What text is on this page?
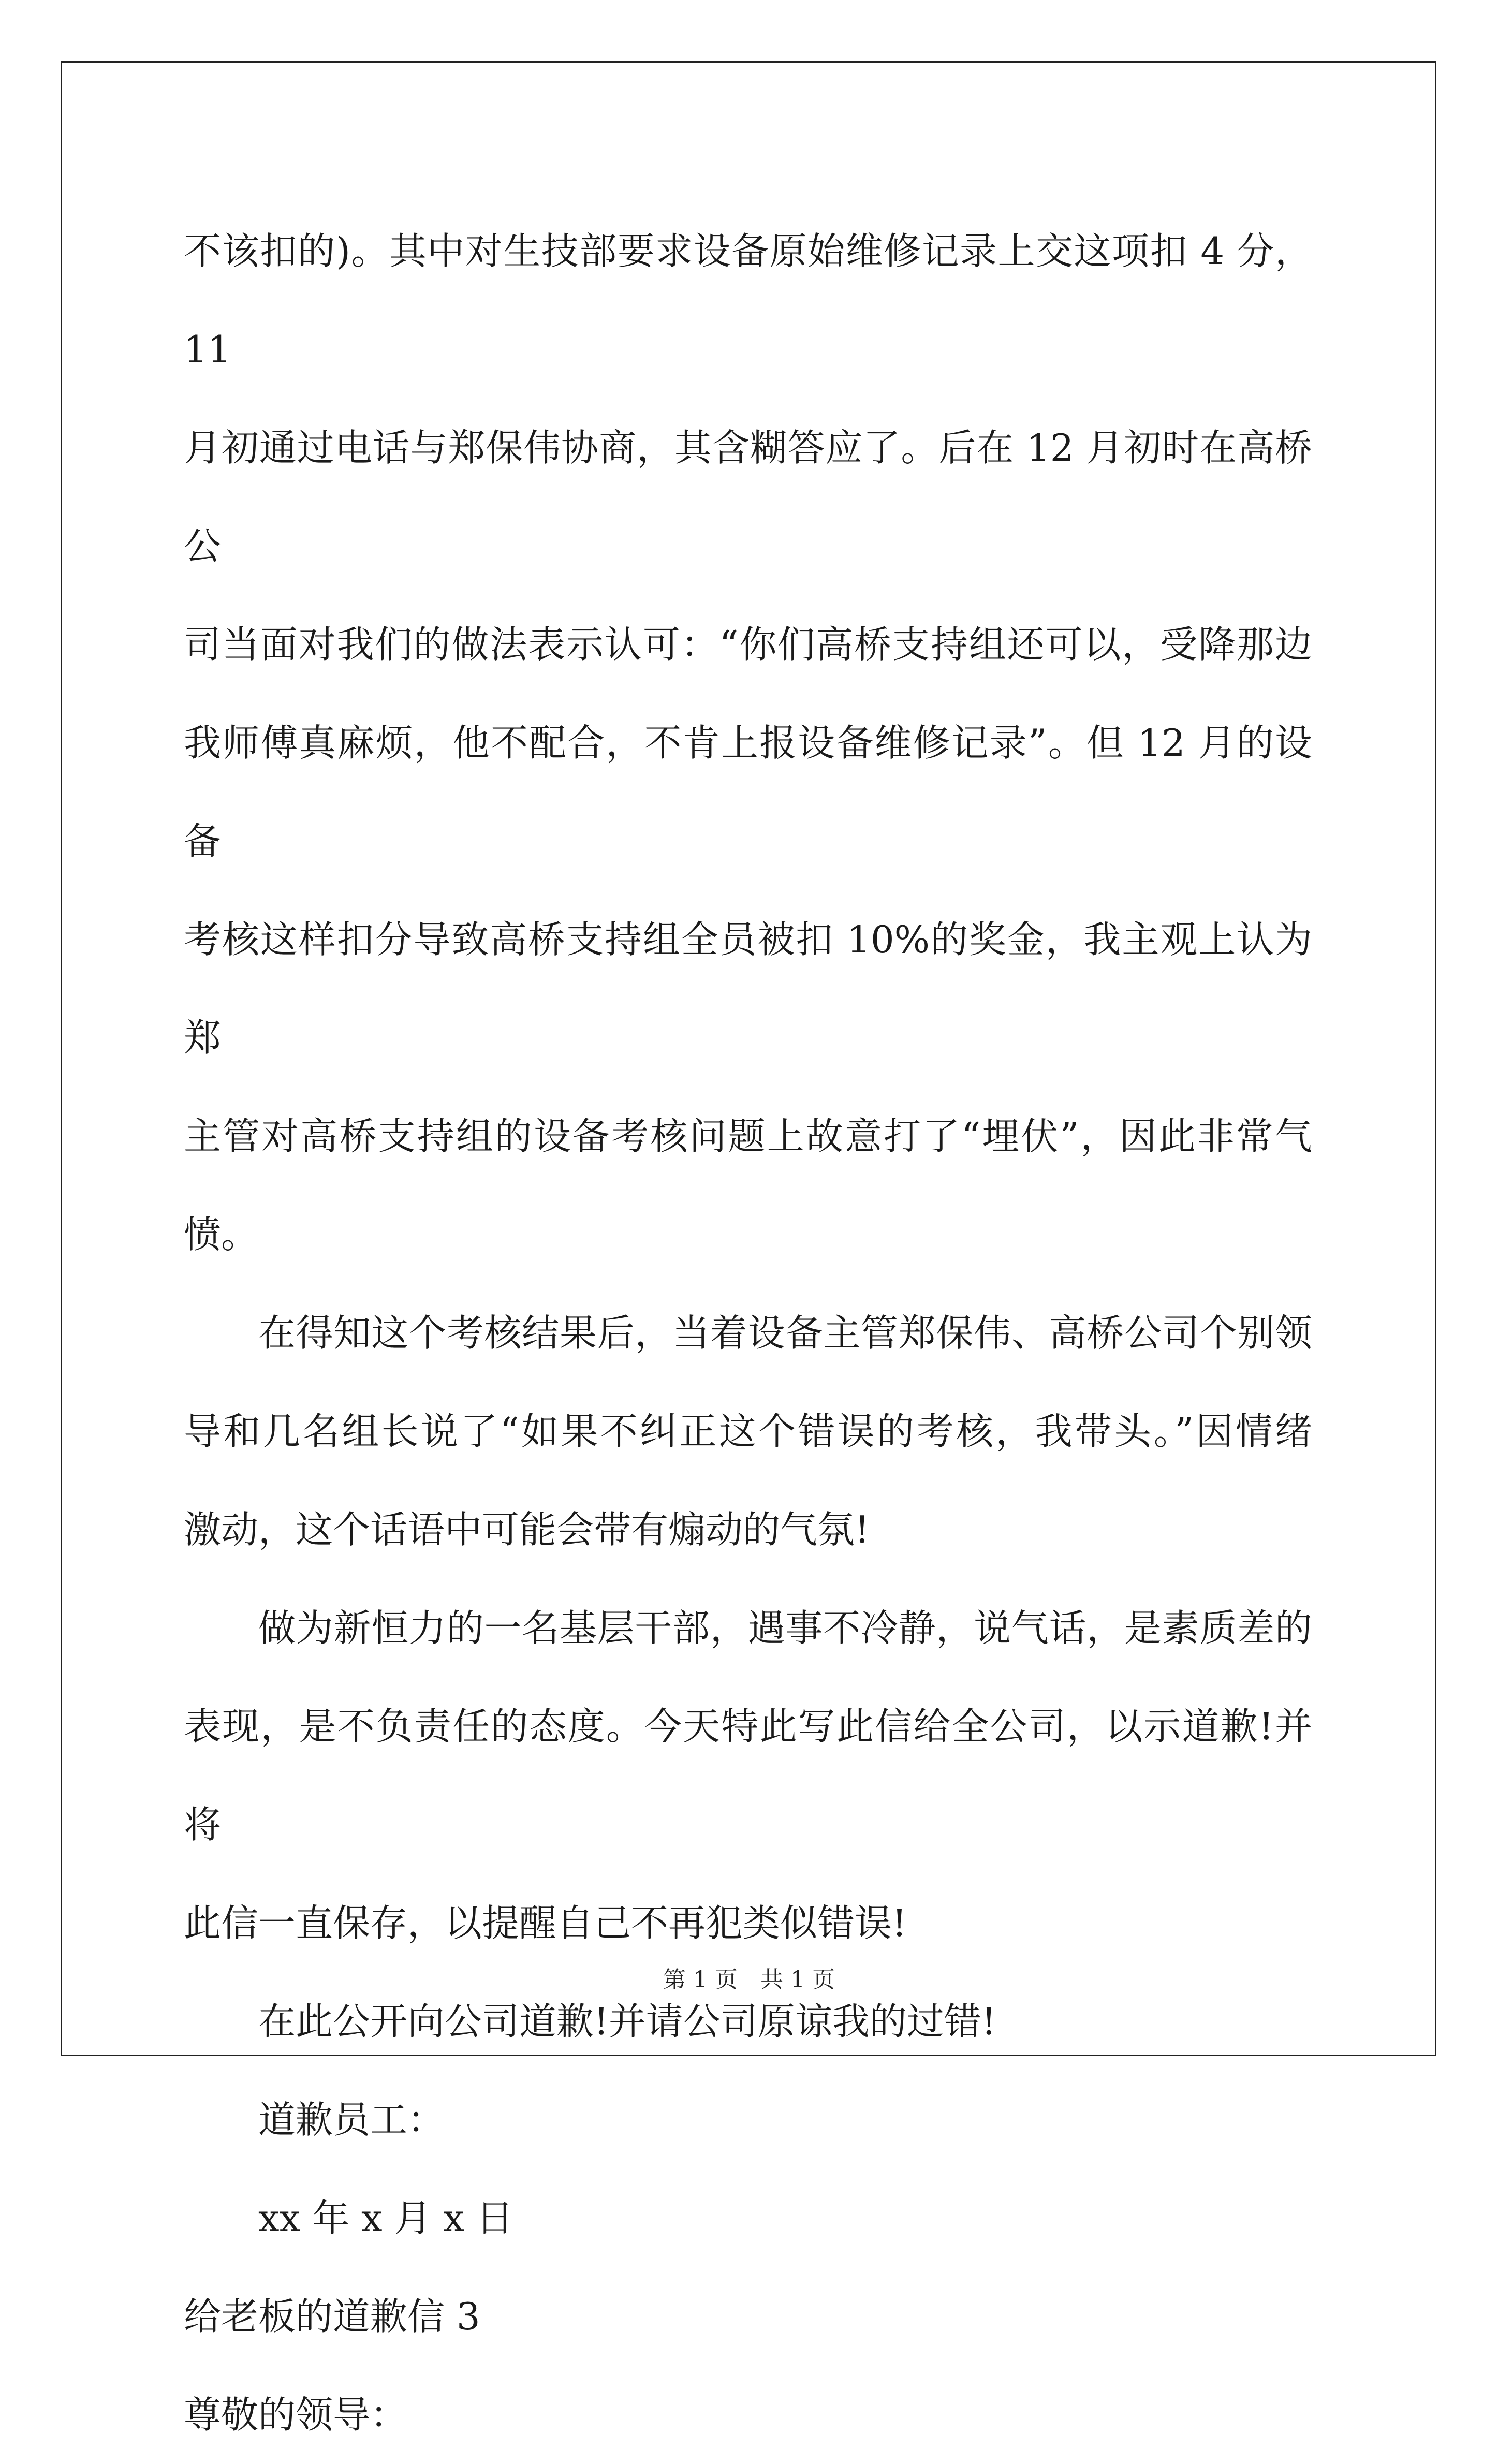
不该扣的)。其中对生技部要求设备原始维修记录上交这项扣 4 分，11
月初通过电话与郑保伟协商，其含糊答应了。后在 12 月初时在高桥公
司当面对我们的做法表示认可：“你们高桥支持组还可以，受降那边
我师傅真麻烦，他不配合，不肯上报设备维修记录”。但 12 月的设备
考核这样扣分导致高桥支持组全员被扣 10%的奖金，我主观上认为郑
主管对高桥支持组的设备考核问题上故意打了“埋伏”，因此非常气愤。
在得知这个考核结果后，当着设备主管郑保伟、高桥公司个别领
导和几名组长说了“如果不纠正这个错误的考核，我带头。”因情绪
激动，这个话语中可能会带有煽动的气氛!
做为新恒力的一名基层干部，遇事不冷静，说气话，是素质差的
表现，是不负责任的态度。今天特此写此信给全公司，以示道歉!并将
此信一直保存，以提醒自己不再犯类似错误!

在此公开向公司道歉!并请公司原谅我的过错!

道歉员工：

xx 年 x 月 x 日

给老板的道歉信 3

尊敬的领导：

第 1 页　共 1 页
